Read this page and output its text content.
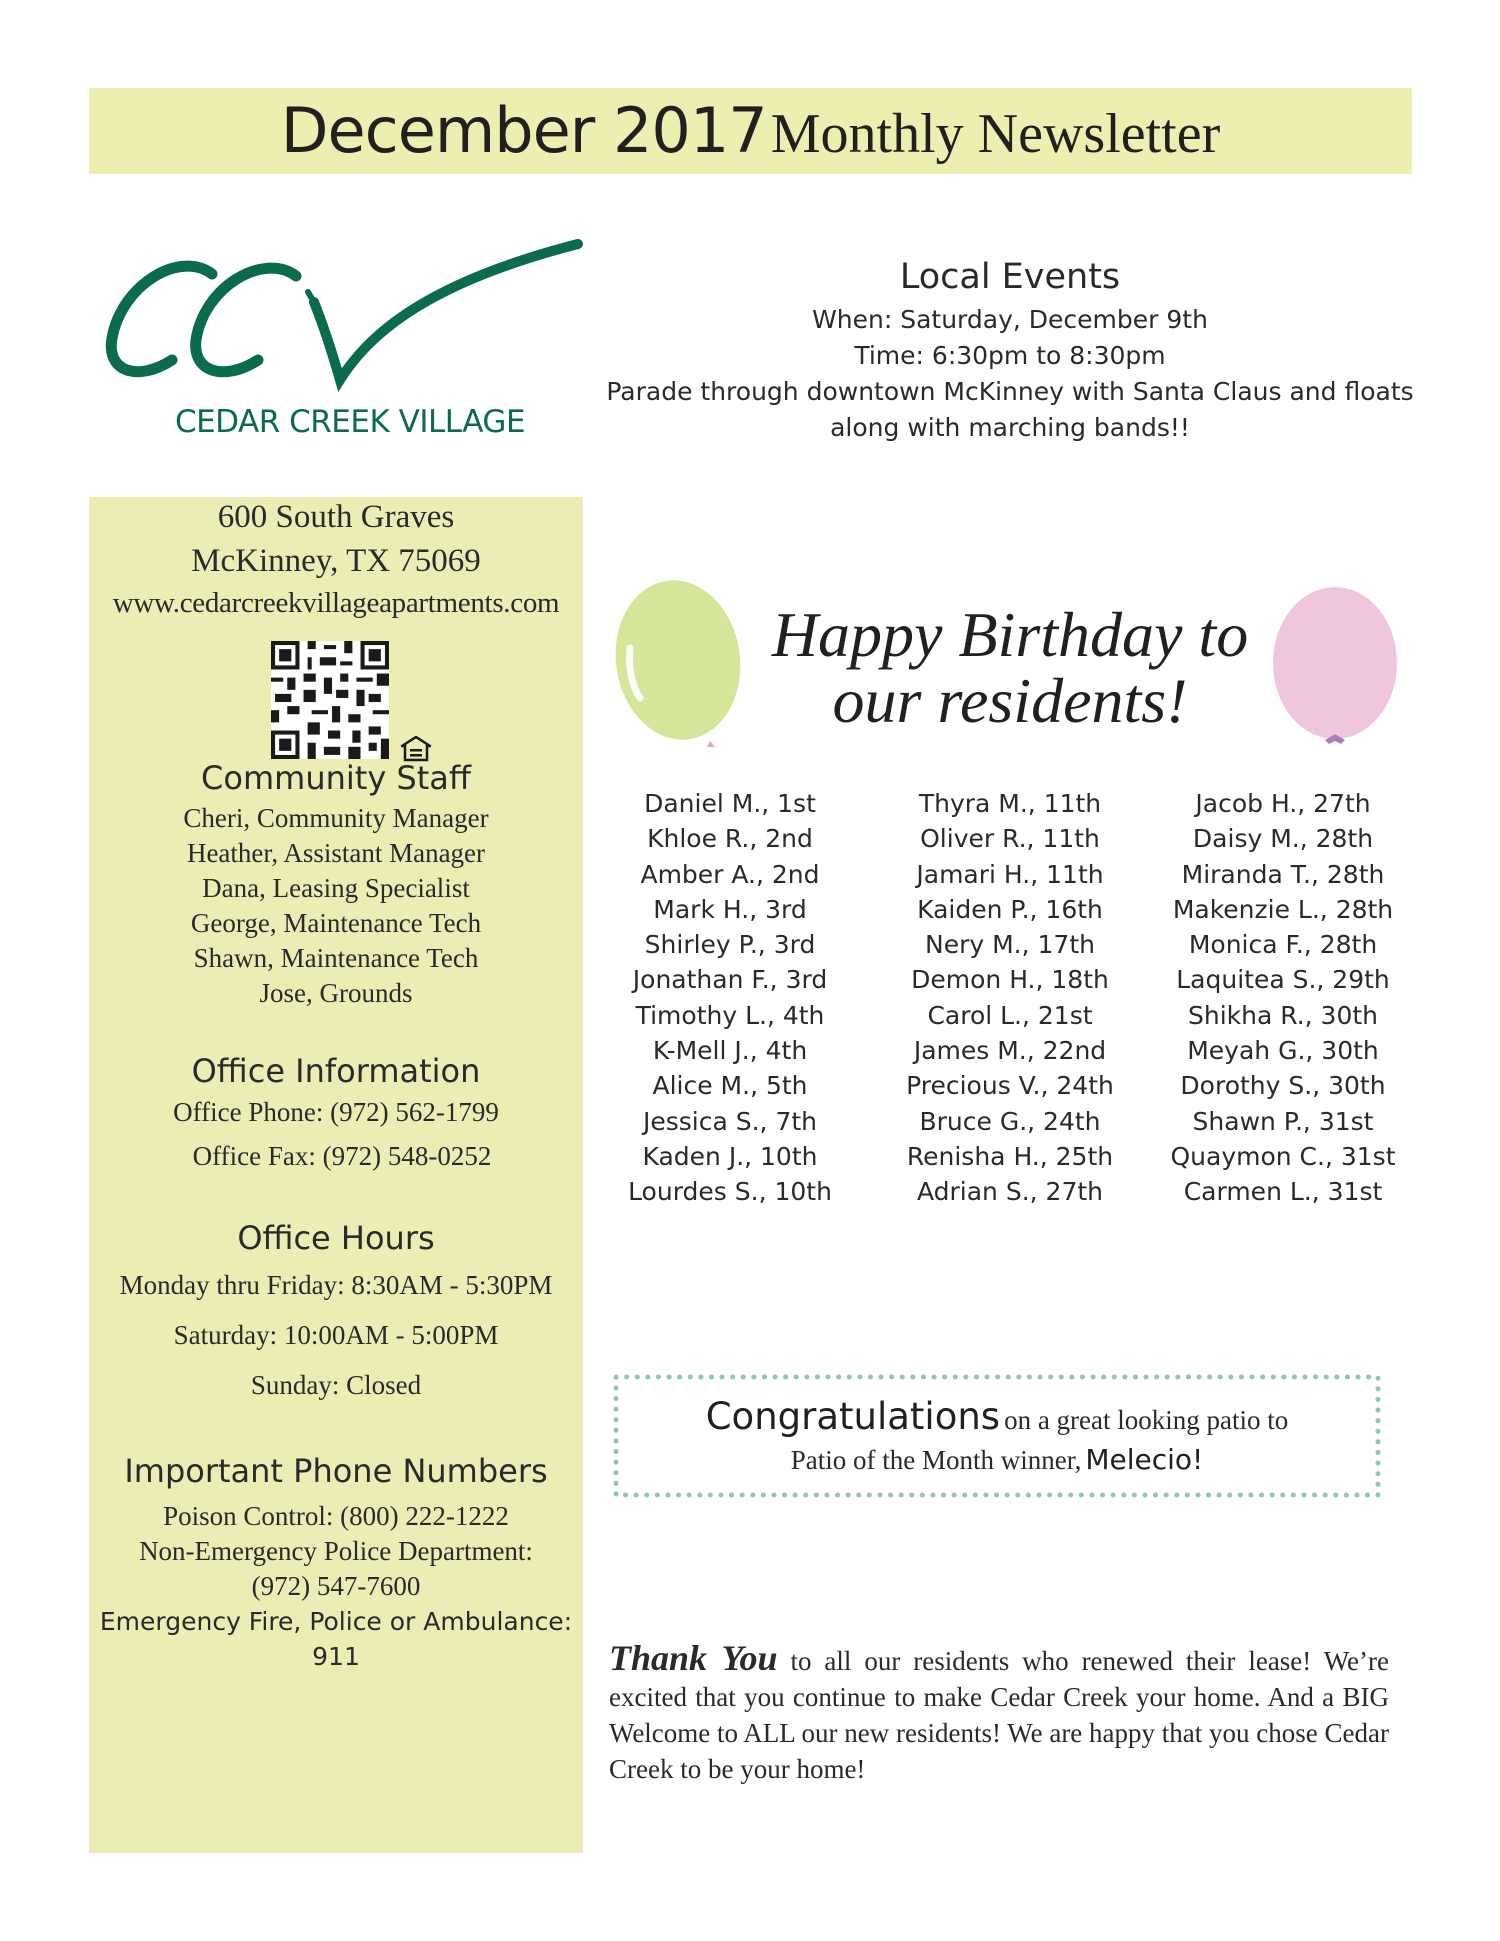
December 2017 Monthly Newsletter
CEDAR CREEK VILLAGE
600 South Graves
McKinney, TX 75069
www.cedarcreekvillageapartments.com
Community Staff
Cheri, Community Manager
Heather, Assistant Manager
Dana, Leasing Specialist
George, Maintenance Tech
Shawn, Maintenance Tech
Jose, Grounds
Office Information
Office Phone: (972) 562-1799
Office Fax: (972) 548-0252
Office Hours
Monday thru Friday: 8:30AM - 5:30PM
Saturday: 10:00AM - 5:00PM
Sunday: Closed
Important Phone Numbers
Poison Control: (800) 222-1222
Non-Emergency Police Department:
(972) 547-7600
Emergency Fire, Police or Ambulance:
911
Local Events
When: Saturday, December 9th
Time: 6:30pm to 8:30pm
Parade through downtown McKinney with Santa Claus and floats
along with marching bands!!
Happy Birthday to
our residents!
Daniel M., 1st
Khloe R., 2nd
Amber A., 2nd
Mark H., 3rd
Shirley P., 3rd
Jonathan F., 3rd
Timothy L., 4th
K-Mell J., 4th
Alice M., 5th
Jessica S., 7th
Kaden J., 10th
Lourdes S., 10th
Thyra M., 11th
Oliver R., 11th
Jamari H., 11th
Kaiden P., 16th
Nery M., 17th
Demon H., 18th
Carol L., 21st
James M., 22nd
Precious V., 24th
Bruce G., 24th
Renisha H., 25th
Adrian S., 27th
Jacob H., 27th
Daisy M., 28th
Miranda T., 28th
Makenzie L., 28th
Monica F., 28th
Laquitea S., 29th
Shikha R., 30th
Meyah G., 30th
Dorothy S., 30th
Shawn P., 31st
Quaymon C., 31st
Carmen L., 31st
Congratulations on a great looking patio to
Patio of the Month winner, Melecio!
Thank You to all our residents who renewed their lease! We’re excited that you continue to make Cedar Creek your home. And a BIG Welcome to ALL our new residents! We are happy that you chose Cedar Creek to be your home!
